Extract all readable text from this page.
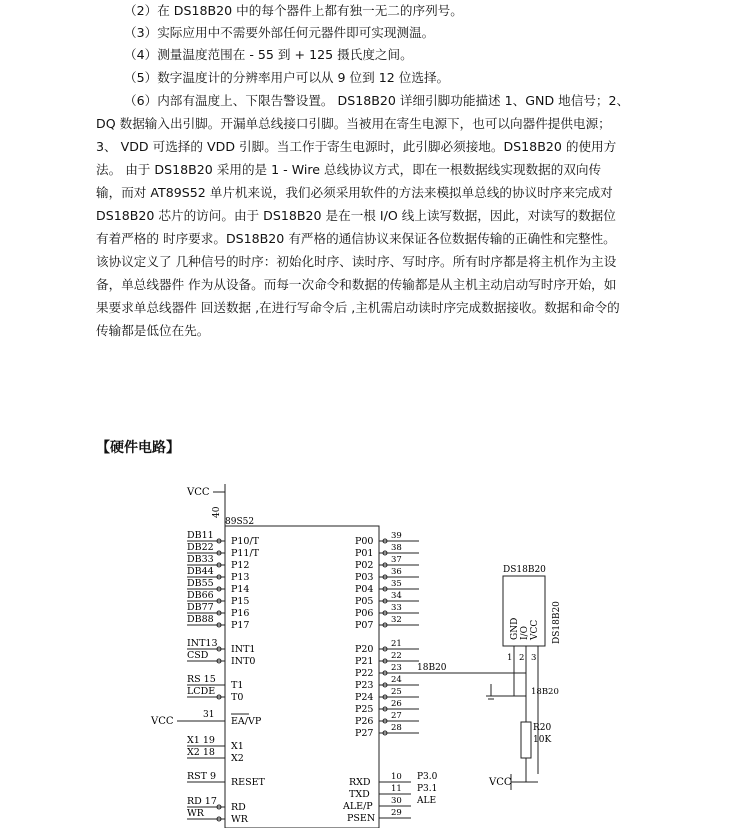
（2）在 DS18B20 中的每个器件上都有独一无二的序列号。
（3）实际应用中不需要外部任何元器件即可实现测温。
（4）测量温度范围在 - 55 到 + 125 摄氏度之间。
（5）数字温度计的分辨率用户可以从 9 位到 12 位选择。
（6）内部有温度上、下限告警设置。 DS18B20 详细引脚功能描述 1、GND 地信号；2、
DQ 数据输入出引脚。开漏单总线接口引脚。当被用在寄生电源下，也可以向器件提供电源；
3、 VDD 可选择的 VDD 引脚。当工作于寄生电源时，此引脚必须接地。DS18B20 的使用方
法。 由于 DS18B20 采用的是 1 - Wire 总线协议方式，即在一根数据线实现数据的双向传
输，而对 AT89S52 单片机来说，我们必须采用软件的方法来模拟单总线的协议时序来完成对
DS18B20 芯片的访问。由于 DS18B20 是在一根 I/O 线上读写数据，因此，对读写的数据位
有着严格的 时序要求。DS18B20 有严格的通信协议来保证各位数据传输的正确性和完整性。
该协议定义了 几种信号的时序：初始化时序、读时序、写时序。所有时序都是将主机作为主设
备，单总线器件 作为从设备。而每一次命令和数据的传输都是从主机主动启动写时序开始，如
果要求单总线器件 回送数据 ,在进行写命令后 ,主机需启动读时序完成数据接收。数据和命令的
传输都是低位在先。
【硬件电路】
VCC
40
89S52
DB11
P10/T
DB22
P11/T
DB33
P12
DB44
P13
DB55
P14
DB66
P15
DB77
P16
DB88
P17
INT13
INT1
CSD
INT0
RS 15
T1
LCDE
T0
VCC
31
EA/VP
X1 19
X1
X2 18
X2
RST 9
RESET
RD 17
RD
WR
WR
P00 39
P01 38
P02 37
P03 36
P04 35
P05 34
P06 33
P07 32
P20 21
P21 22
P22 23
P23 24
P24 25
P25 26
P26 27
P27 28
18B20
RXD 10 P3.0
TXD	11 P3.1
ALE/P 30 ALE
PSEN 29
DS18B20
DS18B20
GND I/O VCC
1 2 3
18B20
R20
10K
VCC
